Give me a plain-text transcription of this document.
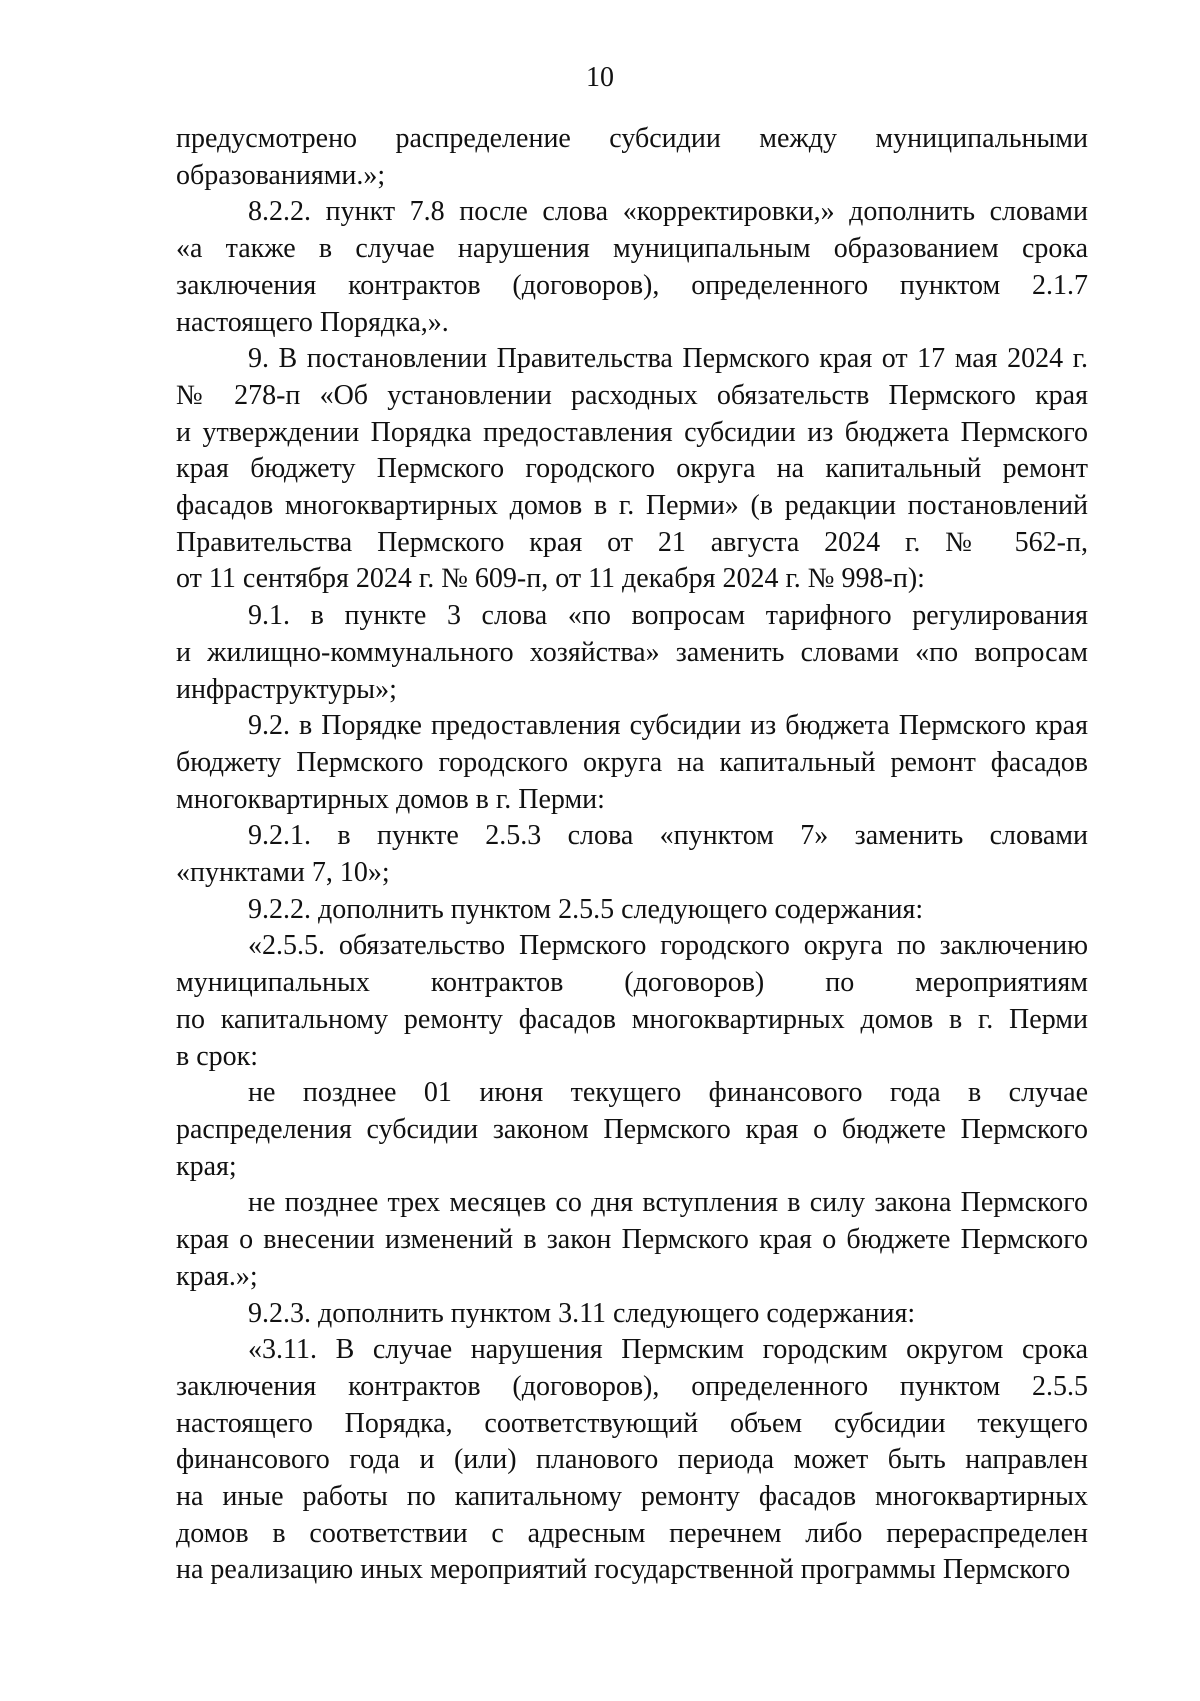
10
предусмотрено распределение субсидии между муниципальными
образованиями.»;
8.2.2. пункт 7.8 после слова «корректировки,» дополнить словами
«а также в случае нарушения муниципальным образованием срока
заключения контрактов (договоров), определенного пунктом 2.1.7
настоящего Порядка,».
9. В постановлении Правительства Пермского края от 17 мая 2024 г.
№ 278-п «Об установлении расходных обязательств Пермского края
и утверждении Порядка предоставления субсидии из бюджета Пермского
края бюджету Пермского городского округа на капитальный ремонт
фасадов многоквартирных домов в г. Перми» (в редакции постановлений
Правительства Пермского края от 21 августа 2024 г. № 562-п,
от 11 сентября 2024 г. № 609-п, от 11 декабря 2024 г. № 998-п):
9.1. в пункте 3 слова «по вопросам тарифного регулирования
и жилищно-коммунального хозяйства» заменить словами «по вопросам
инфраструктуры»;
9.2. в Порядке предоставления субсидии из бюджета Пермского края
бюджету Пермского городского округа на капитальный ремонт фасадов
многоквартирных домов в г. Перми:
9.2.1. в пункте 2.5.3 слова «пунктом 7» заменить словами
«пунктами 7, 10»;
9.2.2. дополнить пунктом 2.5.5 следующего содержания:
«2.5.5. обязательство Пермского городского округа по заключению
муниципальных контрактов (договоров) по мероприятиям
по капитальному ремонту фасадов многоквартирных домов в г. Перми
в срок:
не позднее 01 июня текущего финансового года в случае
распределения субсидии законом Пермского края о бюджете Пермского
края;
не позднее трех месяцев со дня вступления в силу закона Пермского
края о внесении изменений в закон Пермского края о бюджете Пермского
края.»;
9.2.3. дополнить пунктом 3.11 следующего содержания:
«3.11. В случае нарушения Пермским городским округом срока
заключения контрактов (договоров), определенного пунктом 2.5.5
настоящего Порядка, соответствующий объем субсидии текущего
финансового года и (или) планового периода может быть направлен
на иные работы по капитальному ремонту фасадов многоквартирных
домов в соответствии с адресным перечнем либо перераспределен
на реализацию иных мероприятий государственной программы Пермского
